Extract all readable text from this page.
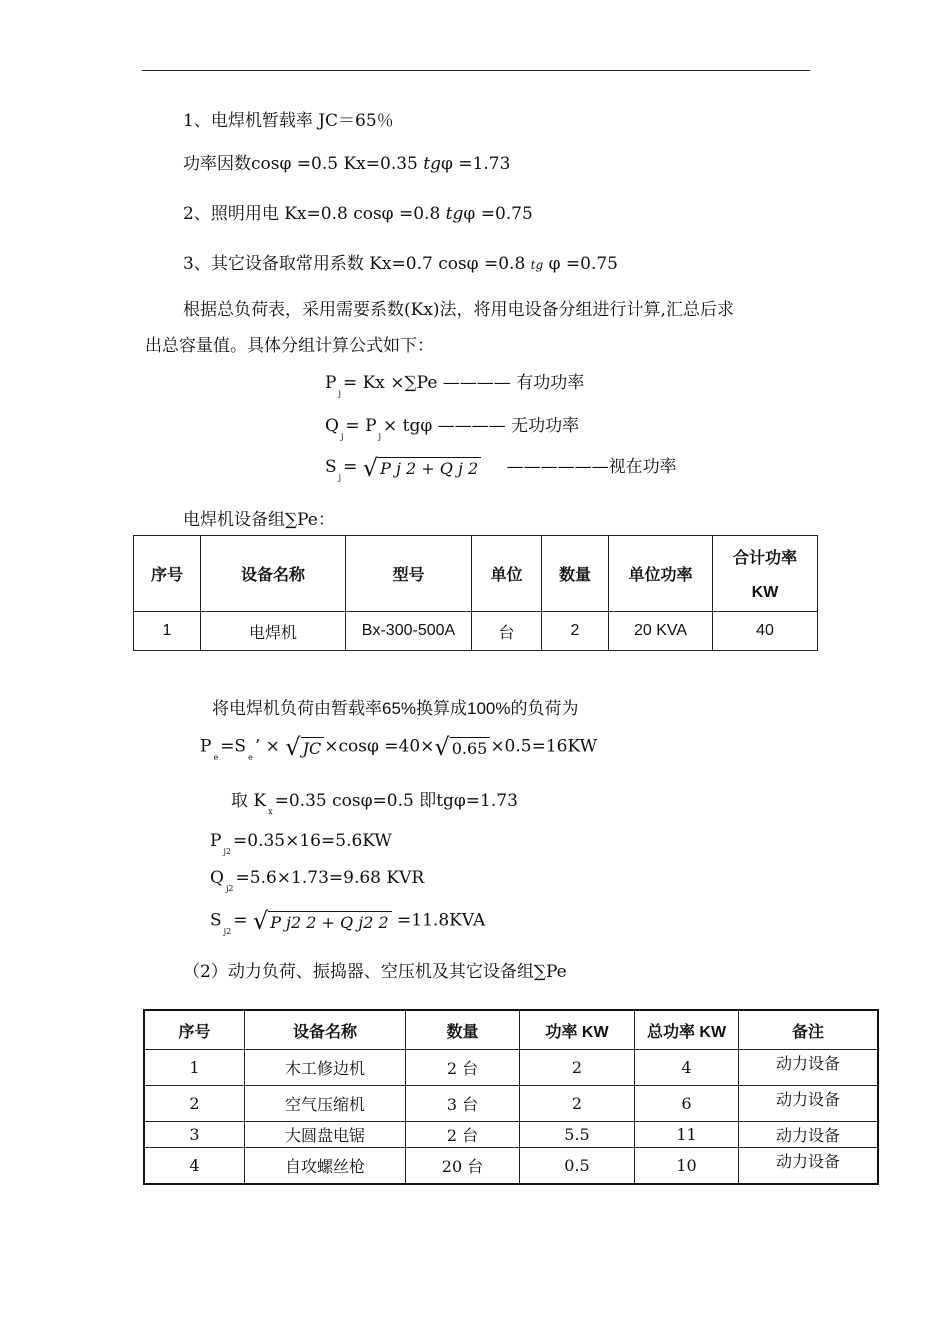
1、电焊机暂载率 JC＝65％
功率因数cosφ =0.5 Kx=0.35 tgφ =1.73
2、照明用电 Kx=0.8 cosφ =0.8 tgφ =0.75
3、其它设备取常用系数 Kx=0.7 cosφ =0.8 tg φ =0.75
根据总负荷表，采用需要系数(Kx)法，将用电设备分组进行计算,汇总后求
出总容量值。具体分组计算公式如下：
$P_j= Kx \times\sum Pe$ ———— 有功功率
$Q_j= P_j\times tg\varphi$ ———— 无功功率
$S_j=$ √ P j 2 + Q j 2 ——————视在功率
电焊机设备组∑Pe：
序号	设备名称	型号	单位	数量	单位功率	合计功率
KW

1	电焊机	Bx-300-500A	台	2	20 KVA	40
将电焊机负荷由暂载率65%换算成100%的负荷为
$P_e=S_e$’ × √ JC ×cosφ =40×√ 0.65 ×0.5=16KW
取 $K_x=0.35$ cosφ=0.5 即tgφ=1.73
$P_{j2}=0.35\times 16=5.6KW$
$Q_{j2}=5.6\times 1.73=9.68$ KVR
$S_{j2}=$ √ P j2 2 + Q j2 2 =11.8KVA
（2）动力负荷、振捣器、空压机及其它设备组∑Pe
序号	设备名称	数量	功率 KW	总功率 KW	备注
1	木工修边机	2 台	2	4	动力设备
2	空气压缩机	3 台	2	6	动力设备
3	大圆盘电锯	2 台	5.5	11	动力设备
4	自攻螺丝枪	20 台	0.5	10	动力设备
